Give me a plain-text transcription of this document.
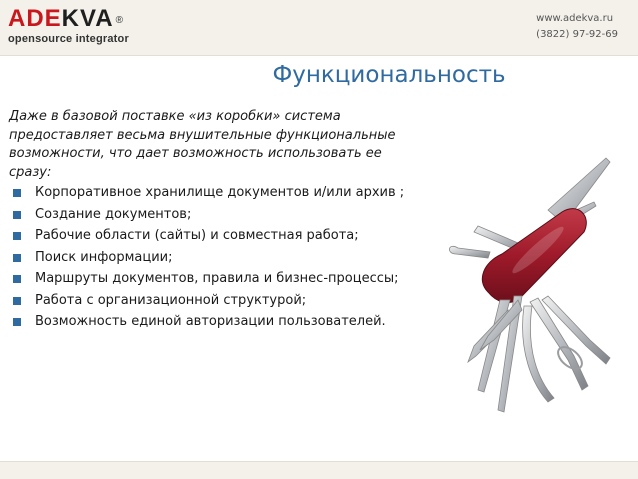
ADEKVA ®
opensource integrator
www.adekva.ru
(3822) 97-92-69
Функциональность

Даже в базовой поставке «из коробки» система предоставляет весьма внушительные функциональные возможности, что дает возможность использовать ее сразу:

Корпоративное хранилище документов и/или архив ;
Создание документов;
Рабочие области (сайты) и совместная работа;
Поиск информации;
Маршруты документов, правила и бизнес-процессы;
Работа с организационной структурой;
Возможность единой авторизации пользователей.
